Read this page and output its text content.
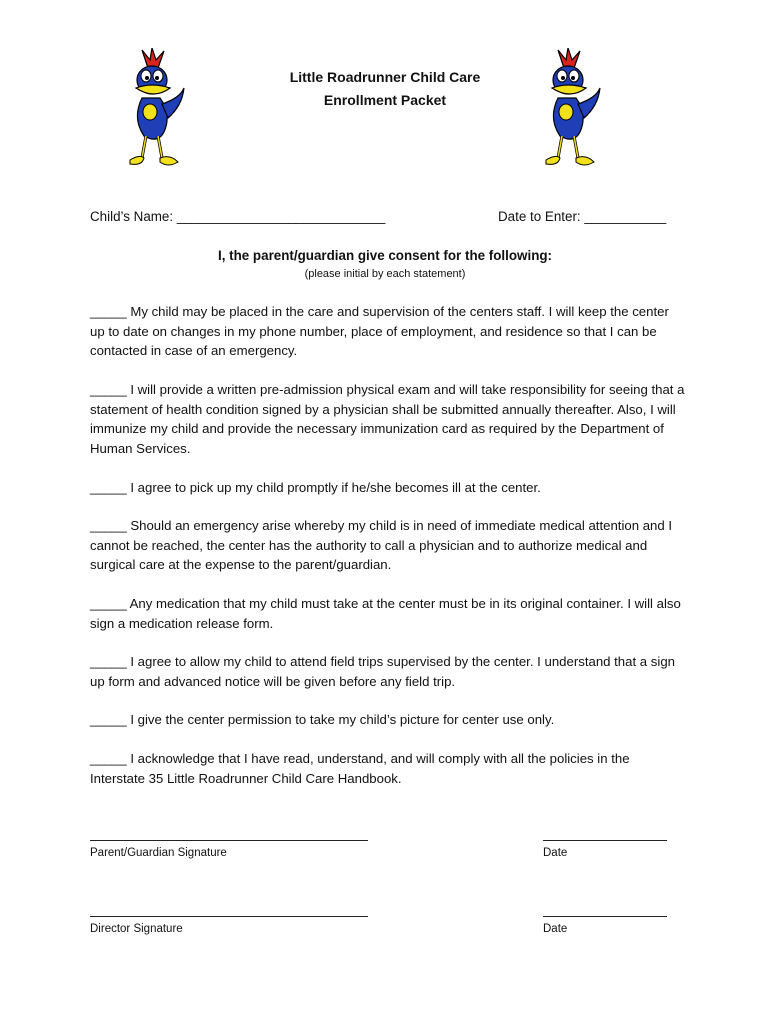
Little Roadrunner Child Care
Enrollment Packet
Child’s Name: ____________________________	Date to Enter: ___________
I, the parent/guardian give consent for the following:
(please initial by each statement)
_____ My child may be placed in the care and supervision of the centers staff. I will keep the center up to date on changes in my phone number, place of employment, and residence so that I can be contacted in case of an emergency.
_____ I will provide a written pre-admission physical exam and will take responsibility for seeing that a statement of health condition signed by a physician shall be submitted annually thereafter. Also, I will immunize my child and provide the necessary immunization card as required by the Department of Human Services.
_____ I agree to pick up my child promptly if he/she becomes ill at the center.
_____ Should an emergency arise whereby my child is in need of immediate medical attention and I cannot be reached, the center has the authority to call a physician and to authorize medical and surgical care at the expense to the parent/guardian.
_____ Any medication that my child must take at the center must be in its original container. I will also sign a medication release form.
_____ I agree to allow my child to attend field trips supervised by the center. I understand that a sign up form and advanced notice will be given before any field trip.
_____ I give the center permission to take my child’s picture for center use only.
_____ I acknowledge that I have read, understand, and will comply with all the policies in the Interstate 35 Little Roadrunner Child Care Handbook.
Parent/Guardian Signature	Date
Director Signature	Date
